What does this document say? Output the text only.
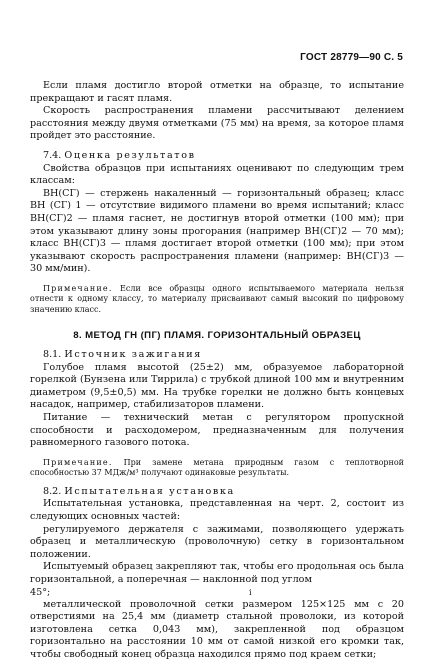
ГОСТ 28779—90 С. 5

Если пламя достигло второй отметки на образце, то испытание прекращают и гасят пламя.

Скорость распространения пламени рассчитывают делением расстояния между двумя отметками (75 мм) на время, за которое пламя пройдет это расстояние.

7.4. Оценка результатов

Свойства образцов при испытаниях оценивают по следующим трем классам:

ВН(СГ) — стержень накаленный — горизонтальный образец; класс ВН (СГ) 1 — отсутствие видимого пламени во время испытаний; класс ВН(СГ)2 — пламя гаснет, не достигнув второй отметки (100 мм); при этом указывают длину зоны прогорания (например ВН(СГ)2 — 70 мм); класс ВН(СГ)3 — пламя достигает второй отметки (100 мм); при этом указывают скорость распространения пламени (например: ВН(СГ)3 — 30 мм/мин).

Примечание. Если все образцы одного испытываемого материала нельзя отнести к одному классу, то материалу присваивают самый высокий по цифровому значению класс.

8. МЕТОД ГН (ПГ) ПЛАМЯ. ГОРИЗОНТАЛЬНЫЙ ОБРАЗЕЦ

8.1. Источник зажигания

Голубое пламя высотой (25±2) мм, образуемое лабораторной горелкой (Бунзена или Тиррила) с трубкой длиной 100 мм и внутренним диаметром (9,5±0,5) мм. На трубке горелки не должно быть концевых насадок, например, стабилизаторов пламени.

Питание — технический метан с регулятором пропускной способности и расходомером, предназначенным для получения равномерного газового потока.

Примечание. При замене метана природным газом с теплотворной способностью 37 МДж/м³ получают одинаковые результаты.

8.2. Испытательная установка

Испытательная установка, представленная на черт. 2, состоит из следующих основных частей:

регулируемого держателя с зажимами, позволяющего удержать образец и металлическую (проволочную) сетку в горизонтальном положении.

Испытуемый образец закрепляют так, чтобы его продольная ось была горизонтальной, а поперечная — наклонной под углом

45°;	ⅰ

металлической проволочной сетки размером 125×125 мм с 20 отверстиями на 25,4 мм (диаметр стальной проволоки, из которой изготовлена сетка 0,043 мм), закрепленной под образцом горизонтально на расстоянии 10 мм от самой низкой его кромки так, чтобы свободный конец образца находился прямо под краем сетки;
